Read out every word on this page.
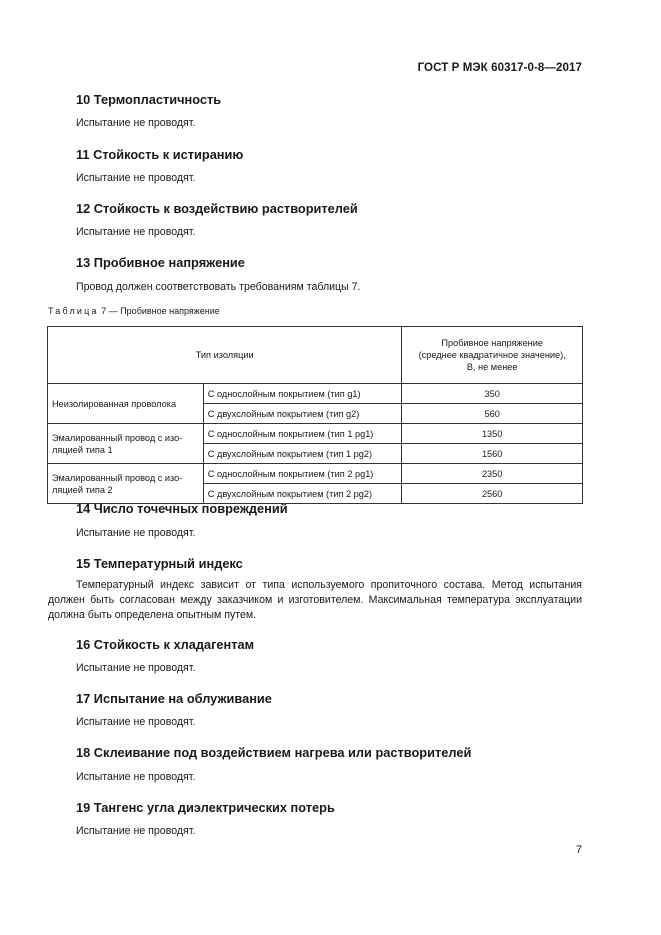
ГОСТ Р МЭК 60317-0-8—2017
10 Термопластичность

Испытание не проводят.

11 Стойкость к истиранию

Испытание не проводят.

12 Стойкость к воздействию растворителей

Испытание не проводят.

13 Пробивное напряжение

Провод должен соответствовать требованиям таблицы 7.

14 Число точечных повреждений

Испытание не проводят.

15 Температурный индекс

Температурный индекс зависит от типа используемого пропиточного состава. Метод испытания должен быть согласован между заказчиком и изготовителем. Максимальная температура эксплуатации должна быть определена опытным путем.

16 Стойкость к хладагентам

Испытание не проводят.

17 Испытание на облуживание

Испытание не проводят.

18 Склеивание под воздействием нагрева или растворителей

Испытание не проводят.

19 Тангенс угла диэлектрических потерь

Испытание не проводят.

Таблица 7 — Пробивное напряжение
Тип изоляции		Пробивное напряжение
(среднее квадратичное значение),
В, не менее
Неизолированная проволока	С однослойным покрытием (тип g1)	350
	С двухслойным покрытием (тип g2)	560
Эмалированный провод с изо-
ляцией типа 1	С однослойным покрытием (тип 1 pg1)	1350
	С двухслойным покрытием (тип 1 pg2)	1560
Эмалированный провод с изо-
ляцией типа 2	С однослойным покрытием (тип 2 pg1)	2350
	С двухслойным покрытием (тип 2 pg2)	2560
7
